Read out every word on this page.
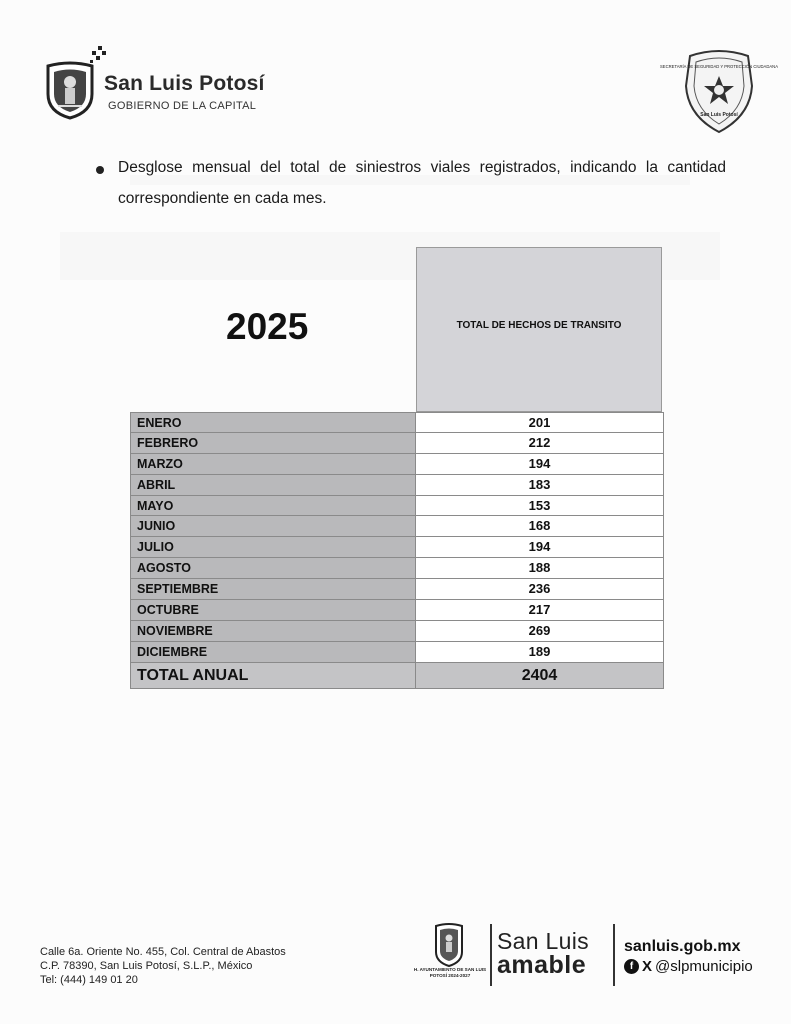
San Luis Potosí
GOBIERNO DE LA CAPITAL
SECRETARÍA DE SEGURIDAD Y PROTECCIÓN CIUDADANA
San Luis Potosí
Desglose mensual del total de siniestros viales registrados, indicando la cantidad correspondiente en cada mes.
2025	TOTAL DE HECHOS DE TRANSITO
ENERO	201
FEBRERO	212
MARZO	194
ABRIL	183
MAYO	153
JUNIO	168
JULIO	194
AGOSTO	188
SEPTIEMBRE	236
OCTUBRE	217
NOVIEMBRE	269
DICIEMBRE	189
TOTAL ANUAL	2404
Calle 6a. Oriente No. 455, Col. Central de Abastos
C.P. 78390, San Luis Potosí, S.L.P., México
Tel: (444) 149 01 20
H. AYUNTAMIENTO DE SAN LUIS POTOSÍ 2024-2027
San Luis
amable
sanluis.gob.mx
f X @slpmunicipio
